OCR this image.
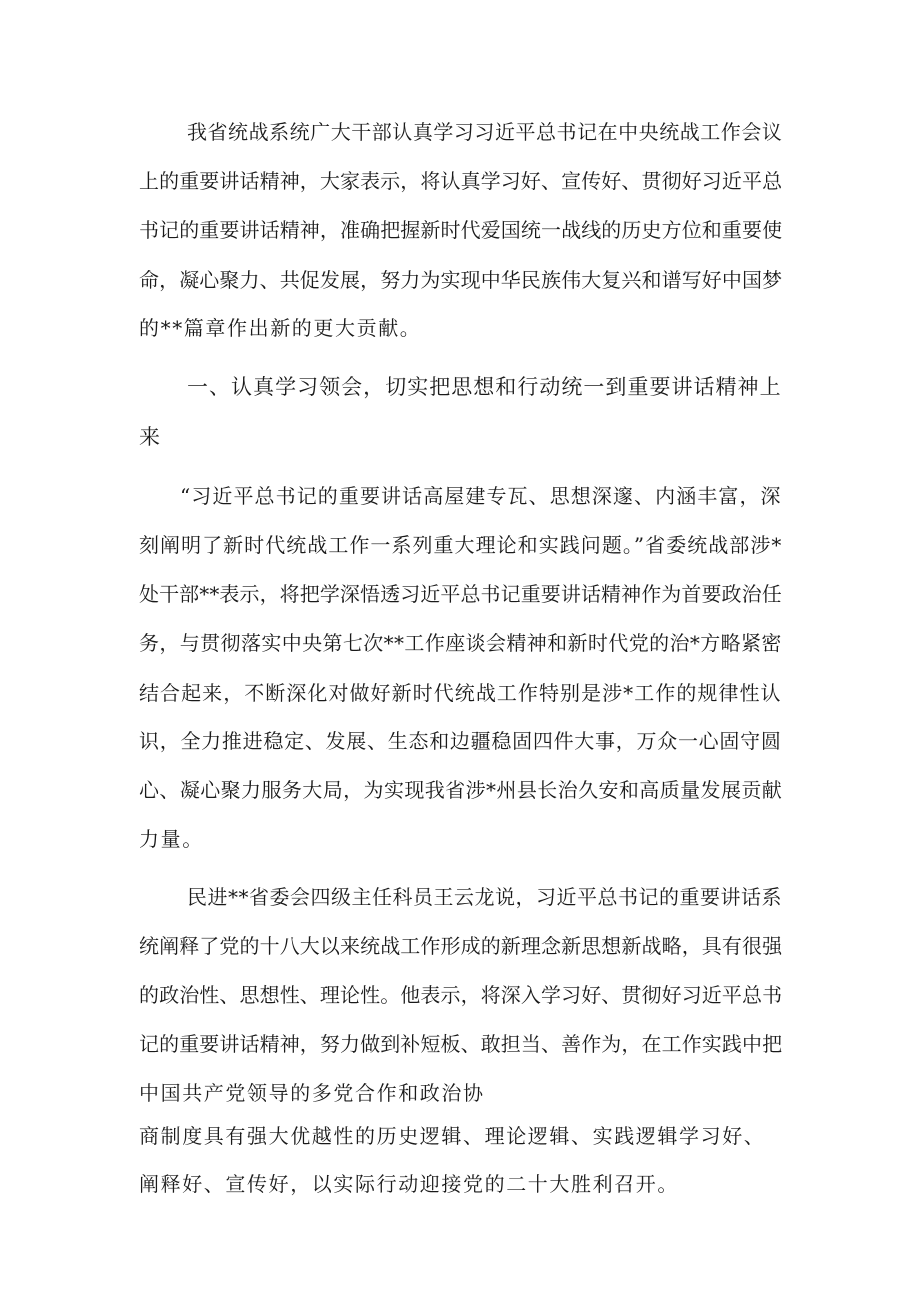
我省统战系统广大干部认真学习习近平总书记在中央统战工作会议
上的重要讲话精神，大家表示，将认真学习好、宣传好、贯彻好习近平总
书记的重要讲话精神，准确把握新时代爱国统一战线的历史方位和重要使
命，凝心聚力、共促发展，努力为实现中华民族伟大复兴和谱写好中国梦
的**篇章作出新的更大贡献。
一、认真学习领会，切实把思想和行动统一到重要讲话精神上
来
“习近平总书记的重要讲话高屋建专瓦、思想深邃、内涵丰富，深
刻阐明了新时代统战工作一系列重大理论和实践问题。”省委统战部涉*
处干部**表示，将把学深悟透习近平总书记重要讲话精神作为首要政治任
务，与贯彻落实中央第七次**工作座谈会精神和新时代党的治*方略紧密
结合起来，不断深化对做好新时代统战工作特别是涉*工作的规律性认
识，全力推进稳定、发展、生态和边疆稳固四件大事，万众一心固守圆
心、凝心聚力服务大局，为实现我省涉*州县长治久安和高质量发展贡献
力量。
民进**省委会四级主任科员王云龙说，习近平总书记的重要讲话系
统阐释了党的十八大以来统战工作形成的新理念新思想新战略，具有很强
的政治性、思想性、理论性。他表示，将深入学习好、贯彻好习近平总书
记的重要讲话精神，努力做到补短板、敢担当、善作为，在工作实践中把
中国共产党领导的多党合作和政治协
商制度具有强大优越性的历史逻辑、理论逻辑、实践逻辑学习好、
阐释好、宣传好，以实际行动迎接党的二十大胜利召开。
